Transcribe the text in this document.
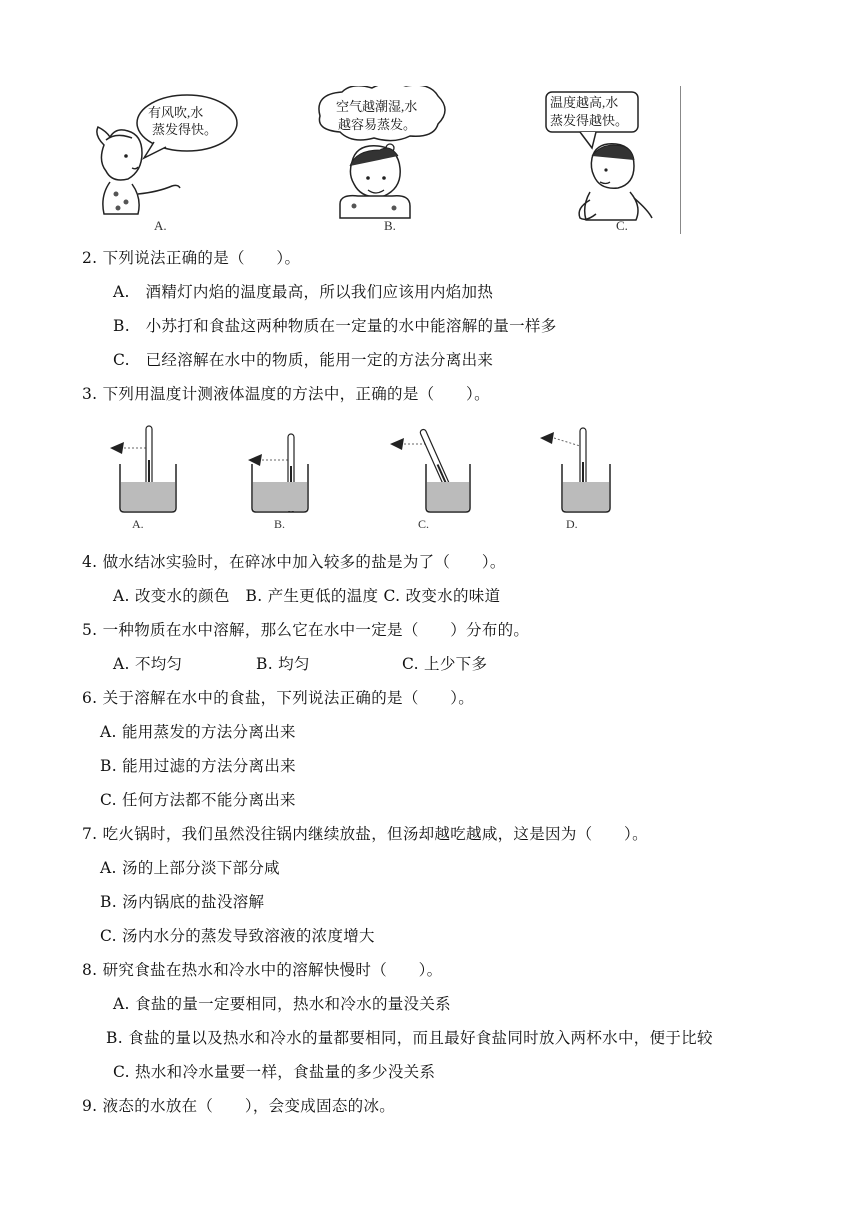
有风吹,水
蒸发得快。
A.
空气越潮湿,水
越容易蒸发。
B.
温度越高,水
蒸发得越快。
C.
2. 下列说法正确的是（　　）。
A.　酒精灯内焰的温度最高，所以我们应该用内焰加热
B.　小苏打和食盐这两种物质在一定量的水中能溶解的量一样多
C.　已经溶解在水中的物质，能用一定的方法分离出来
3. 下列用温度计测液体温度的方法中，正确的是（　　）。
A.	B.	C.	D.
4. 做水结冰实验时，在碎冰中加入较多的盐是为了（　　）。
A. 改变水的颜色　B. 产生更低的温度 C. 改变水的味道
5. 一种物质在水中溶解，那么它在水中一定是（　　）分布的。
A. 不均匀	B. 均匀	C. 上少下多
6. 关于溶解在水中的食盐，下列说法正确的是（　　）。
A. 能用蒸发的方法分离出来
B. 能用过滤的方法分离出来
C. 任何方法都不能分离出来
7. 吃火锅时，我们虽然没往锅内继续放盐，但汤却越吃越咸，这是因为（　　）。
A. 汤的上部分淡下部分咸
B. 汤内锅底的盐没溶解
C. 汤内水分的蒸发导致溶液的浓度增大
8. 研究食盐在热水和冷水中的溶解快慢时（　　）。
A. 食盐的量一定要相同，热水和冷水的量没关系
B. 食盐的量以及热水和冷水的量都要相同，而且最好食盐同时放入两杯水中，便于比较
C. 热水和冷水量要一样，食盐量的多少没关系
9. 液态的水放在（　　），会变成固态的冰。
